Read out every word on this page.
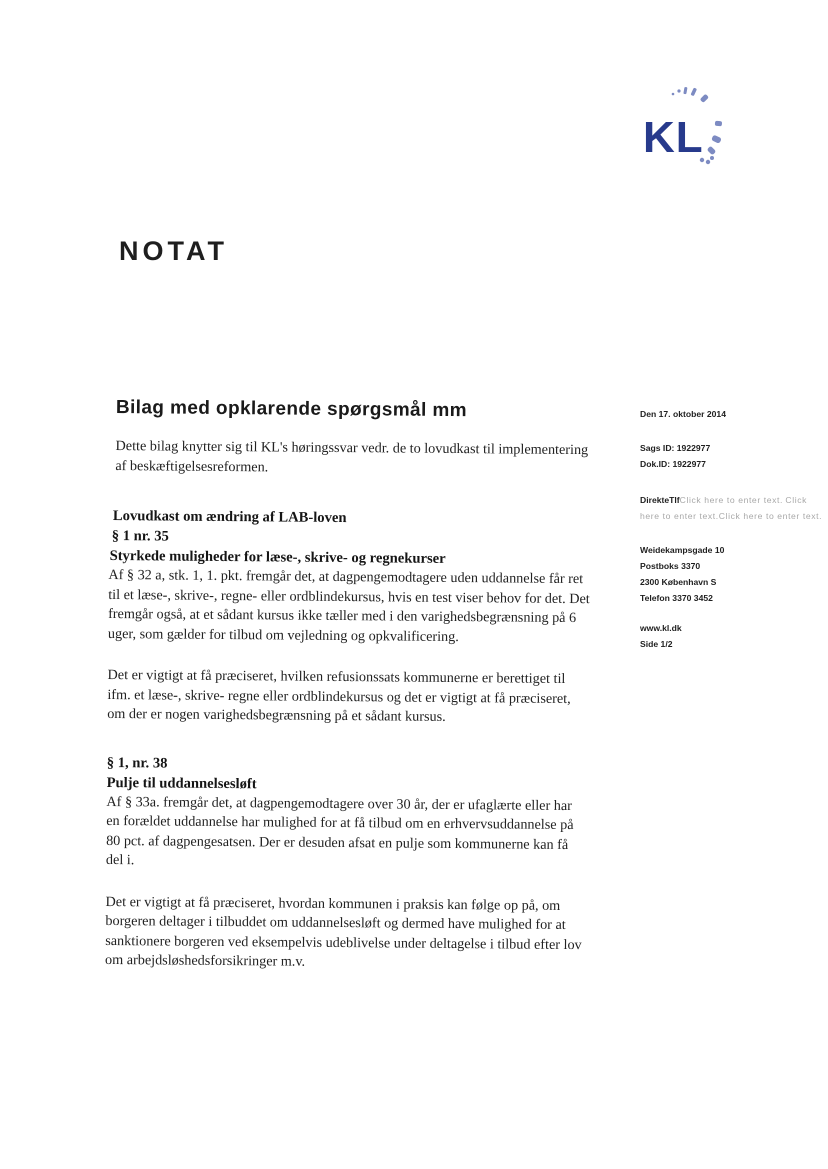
KL
NOTAT
Bilag med opklarende spørgsmål mm
Dette bilag knytter sig til KL's høringssvar vedr. de to lovudkast til implementering af beskæftigelsesreformen.
Lovudkast om ændring af LAB-loven
§ 1 nr. 35
Styrkede muligheder for læse-, skrive- og regnekurser
Af § 32 a, stk. 1, 1. pkt. fremgår det, at dagpengemodtagere uden uddannelse får ret til et læse-, skrive-, regne- eller ordblindekursus, hvis en test viser behov for det. Det fremgår også, at et sådant kursus ikke tæller med i den varighedsbegrænsning på 6 uger, som gælder for tilbud om vejledning og opkvalificering.
Det er vigtigt at få præciseret, hvilken refusionssats kommunerne er berettiget til ifm. et læse-, skrive- regne eller ordblindekursus og det er vigtigt at få præciseret, om der er nogen varighedsbegrænsning på et sådant kursus.
§ 1, nr. 38
Pulje til uddannelsesløft
Af § 33a. fremgår det, at dagpengemodtagere over 30 år, der er ufaglærte eller har en forældet uddannelse har mulighed for at få tilbud om en erhvervsuddannelse på 80 pct. af dagpengesatsen. Der er desuden afsat en pulje som kommunerne kan få del i.
Det er vigtigt at få præciseret, hvordan kommunen i praksis kan følge op på, om borgeren deltager i tilbuddet om uddannelsesløft og dermed have mulighed for at sanktionere borgeren ved eksempelvis udeblivelse under deltagelse i tilbud efter lov om arbejdsløshedsforsikringer m.v.
Den 17. oktober 2014
Sags ID: 1922977
Dok.ID: 1922977
DirekteTlfClick here to enter text. Click here to enter text.Click here to enter text.
Weidekampsgade 10
Postboks 3370
2300 København S
Telefon 3370 3452
www.kl.dk
Side 1/2
